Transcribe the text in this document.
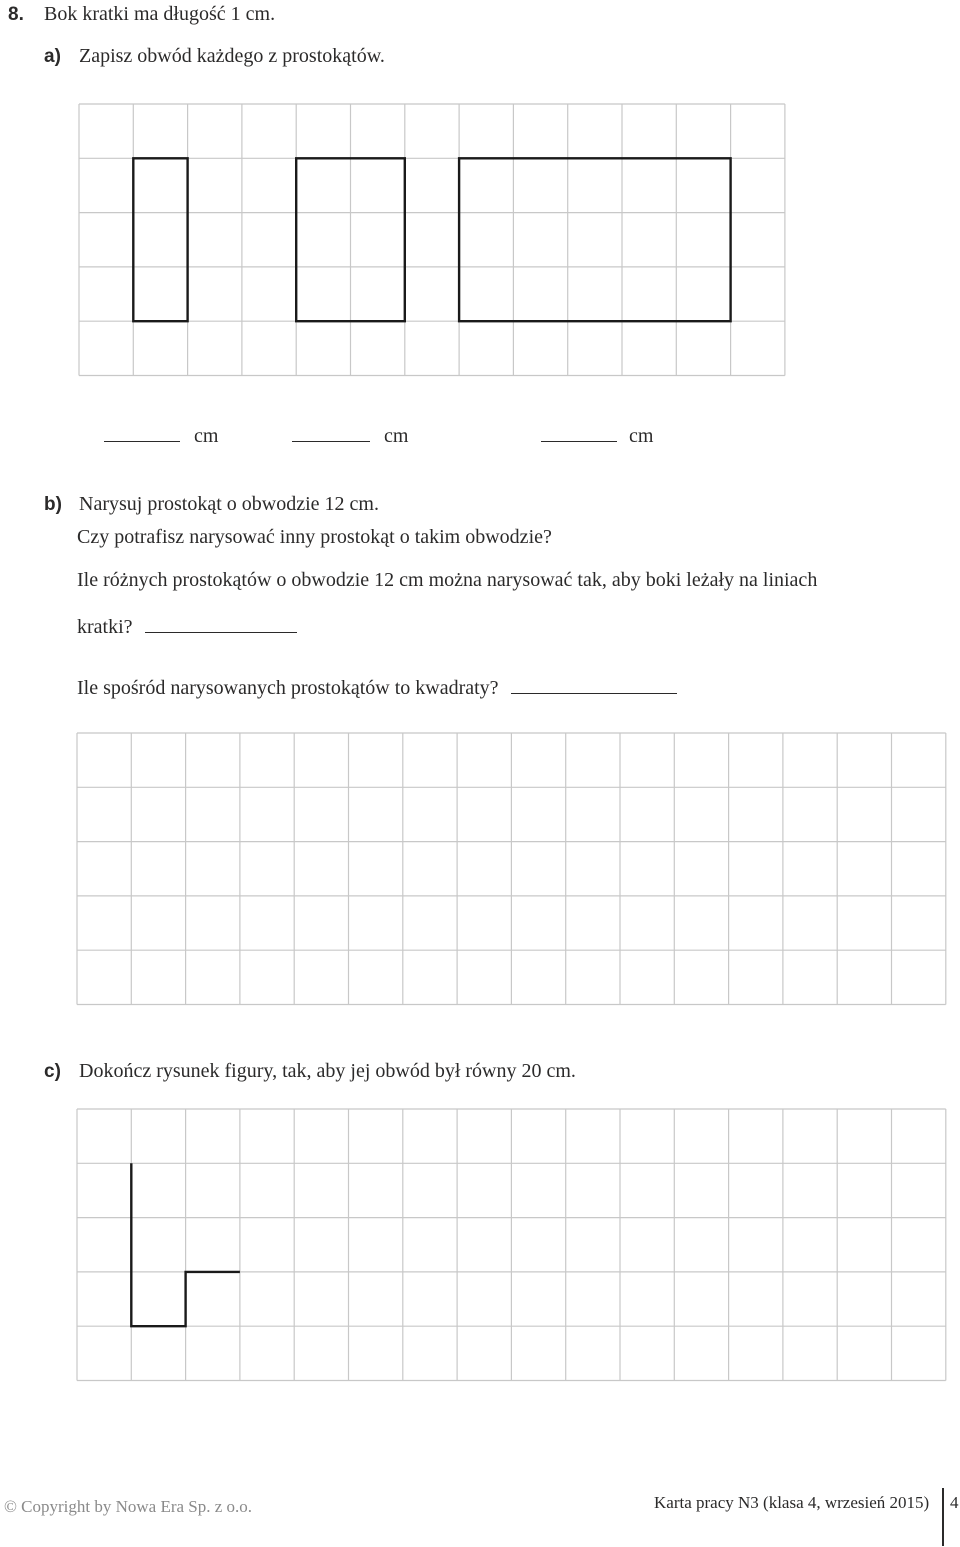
8. Bok kratki ma długość 1 cm.
a) Zapisz obwód każdego z prostokątów.
cm	cm	cm
b) Narysuj prostokąt o obwodzie 12 cm.
Czy potrafisz narysować inny prostokąt o takim obwodzie?
Ile różnych prostokątów o obwodzie 12 cm można narysować tak, aby boki leżały na liniach
kratki?
Ile spośród narysowanych prostokątów to kwadraty?
c) Dokończ rysunek figury, tak, aby jej obwód był równy 20 cm.
© Copyright by Nowa Era Sp. z o.o.	Karta pracy N3 (klasa 4, wrzesień 2015) 4
